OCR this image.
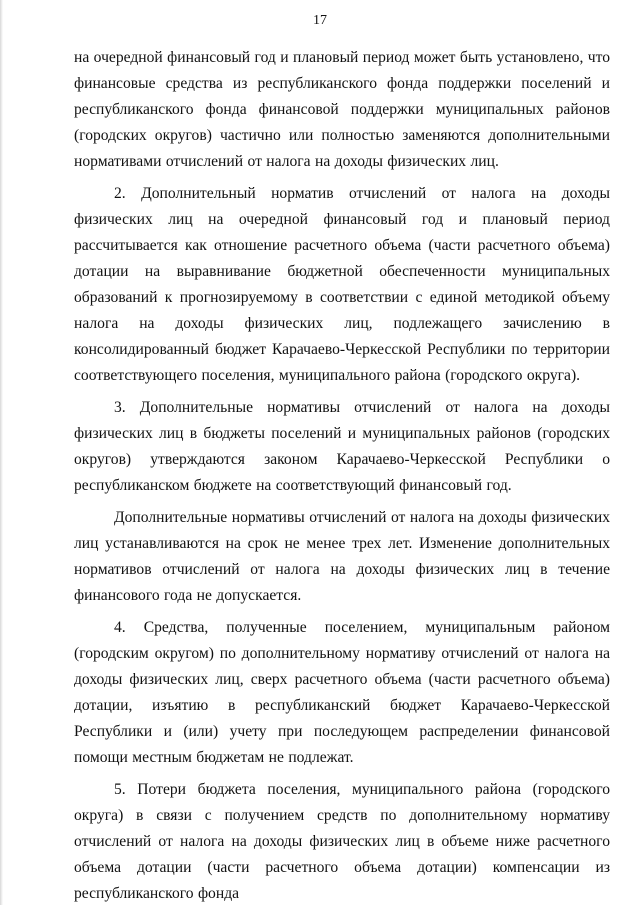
17

на очередной финансовый год и плановый период может быть установлено, что финансовые средства из республиканского фонда поддержки поселений и республиканского фонда финансовой поддержки муниципальных районов (городских округов) частично или полностью заменяются дополнительными нормативами отчислений от налога на доходы физических лиц.

2. Дополнительный норматив отчислений от налога на доходы физических лиц на очередной финансовый год и плановый период рассчитывается как отношение расчетного объема (части расчетного объема) дотации на выравнивание бюджетной обеспеченности муниципальных образований к прогнозируемому в соответствии с единой методикой объему налога на доходы физических лиц, подлежащего зачислению в консолидированный бюджет Карачаево-Черкесской Республики по территории соответствующего поселения, муниципального района (городского округа).

3. Дополнительные нормативы отчислений от налога на доходы физических лиц в бюджеты поселений и муниципальных районов (городских округов) утверждаются законом Карачаево-Черкесской Республики о республиканском бюджете на соответствующий финансовый год.

Дополнительные нормативы отчислений от налога на доходы физических лиц устанавливаются на срок не менее трех лет. Изменение дополнительных нормативов отчислений от налога на доходы физических лиц в течение финансового года не допускается.

4. Средства, полученные поселением, муниципальным районом (городским округом) по дополнительному нормативу отчислений от налога на доходы физических лиц, сверх расчетного объема (части расчетного объема) дотации, изъятию в республиканский бюджет Карачаево-Черкесской Республики и (или) учету при последующем распределении финансовой помощи местным бюджетам не подлежат.

5. Потери бюджета поселения, муниципального района (городского округа) в связи с получением средств по дополнительному нормативу отчислений от налога на доходы физических лиц в объеме ниже расчетного объема дотации (части расчетного объема дотации) компенсации из республиканского фонда
